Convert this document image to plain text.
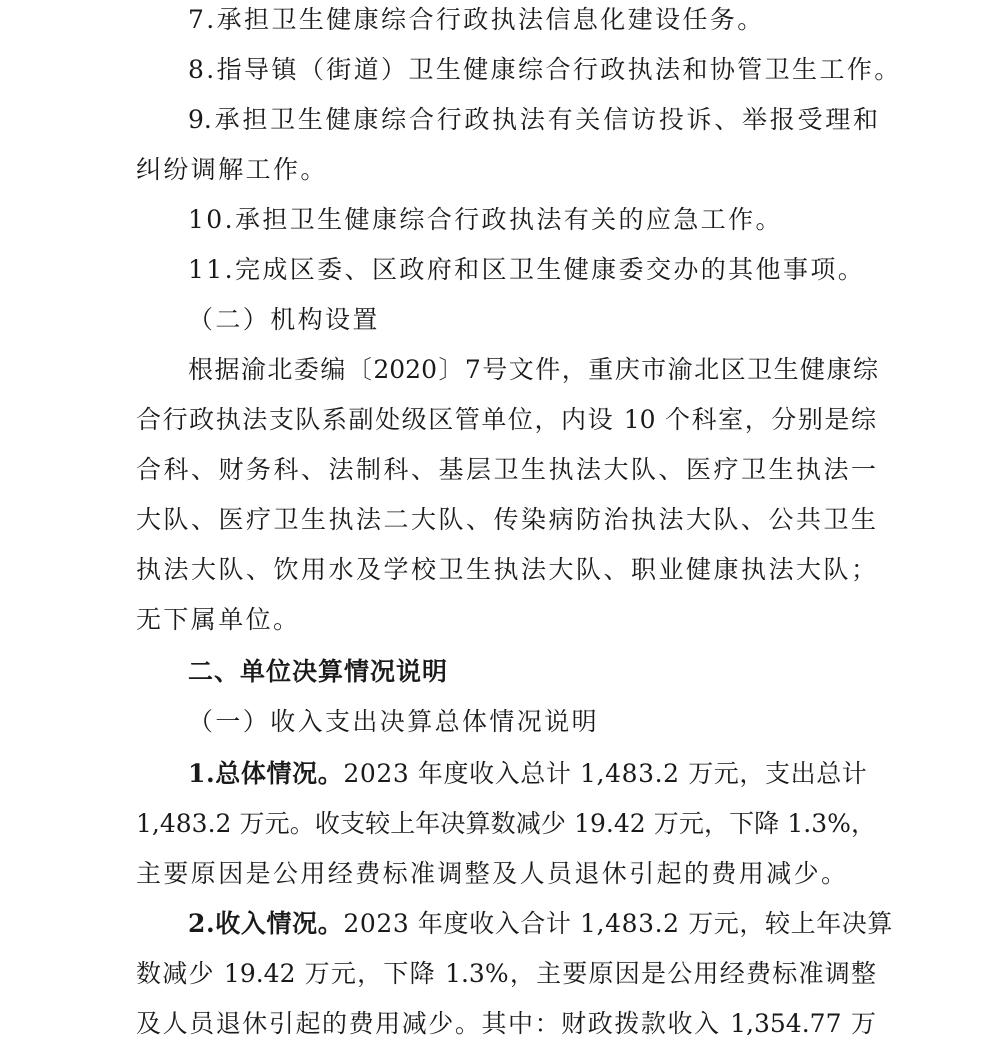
7.承担卫生健康综合行政执法信息化建设任务。
8.指导镇（街道）卫生健康综合行政执法和协管卫生工作。
9.承担卫生健康综合行政执法有关信访投诉、举报受理和
纠纷调解工作。
10.承担卫生健康综合行政执法有关的应急工作。
11.完成区委、区政府和区卫生健康委交办的其他事项。
（二）机构设置
根据渝北委编〔2020〕7号文件，重庆市渝北区卫生健康综
合行政执法支队系副处级区管单位，内设 10 个科室，分别是综
合科、财务科、法制科、基层卫生执法大队、医疗卫生执法一
大队、医疗卫生执法二大队、传染病防治执法大队、公共卫生
执法大队、饮用水及学校卫生执法大队、职业健康执法大队；
无下属单位。
二、单位决算情况说明
（一）收入支出决算总体情况说明
1.总体情况。2023 年度收入总计 1,483.2 万元，支出总计
1,483.2 万元。收支较上年决算数减少 19.42 万元，下降 1.3%，
主要原因是公用经费标准调整及人员退休引起的费用减少。
2.收入情况。2023 年度收入合计 1,483.2 万元，较上年决算
数减少 19.42 万元，下降 1.3%，主要原因是公用经费标准调整
及人员退休引起的费用减少。其中：财政拨款收入 1,354.77 万
